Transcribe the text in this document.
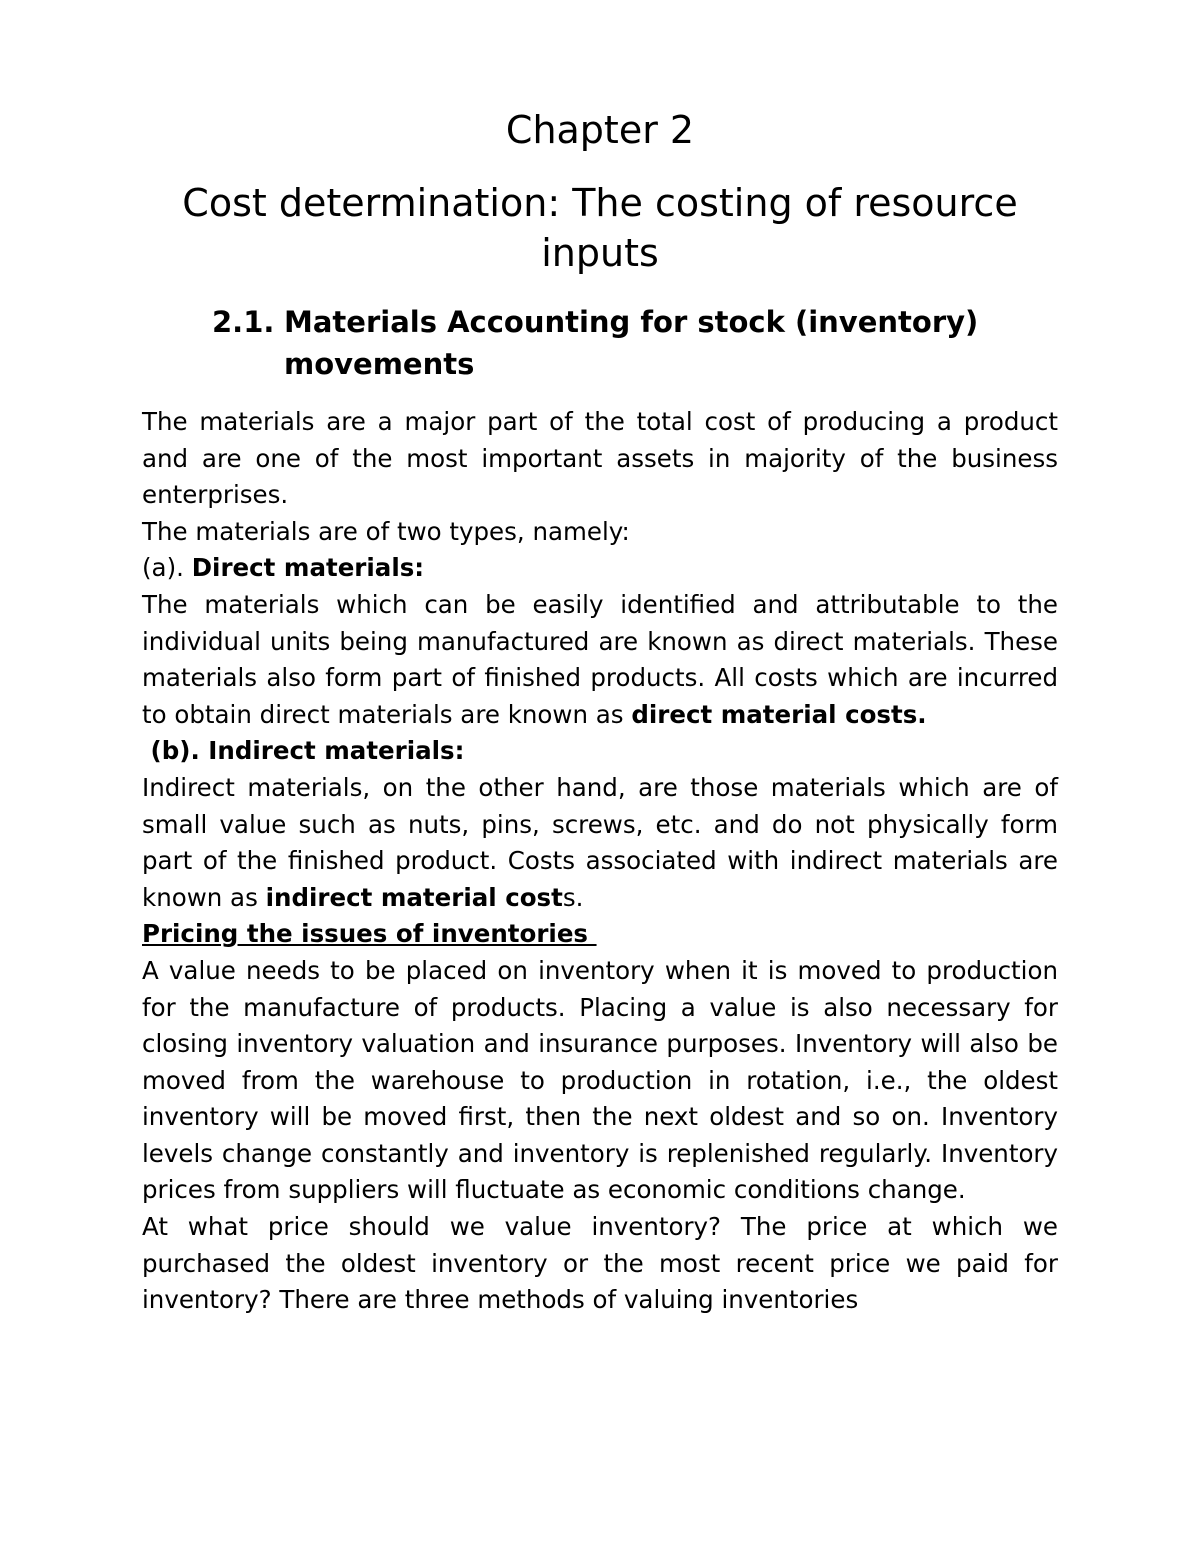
Chapter 2
Cost determination: The costing of resource inputs
2.1. Materials Accounting for stock (inventory)
movements

The materials are a major part of the total cost of producing a product and are one of the most important assets in majority of the business enterprises.

The materials are of two types, namely:

(a). Direct materials:

The materials which can be easily identified and attributable to the individual units being manufactured are known as direct materials. These materials also form part of finished products. All costs which are incurred to obtain direct materials are known as direct material costs.

(b). Indirect materials:

Indirect materials, on the other hand, are those materials which are of small value such as nuts, pins, screws, etc. and do not physically form part of the finished product. Costs associated with indirect materials are known as indirect material costs.

Pricing the issues of inventories

A value needs to be placed on inventory when it is moved to production for the manufacture of products. Placing a value is also necessary for closing inventory valuation and insurance purposes. Inventory will also be moved from the warehouse to production in rotation, i.e., the oldest inventory will be moved first, then the next oldest and so on. Inventory levels change constantly and inventory is replenished regularly. Inventory prices from suppliers will fluctuate as economic conditions change.

At what price should we value inventory? The price at which we purchased the oldest inventory or the most recent price we paid for inventory? There are three methods of valuing inventories
